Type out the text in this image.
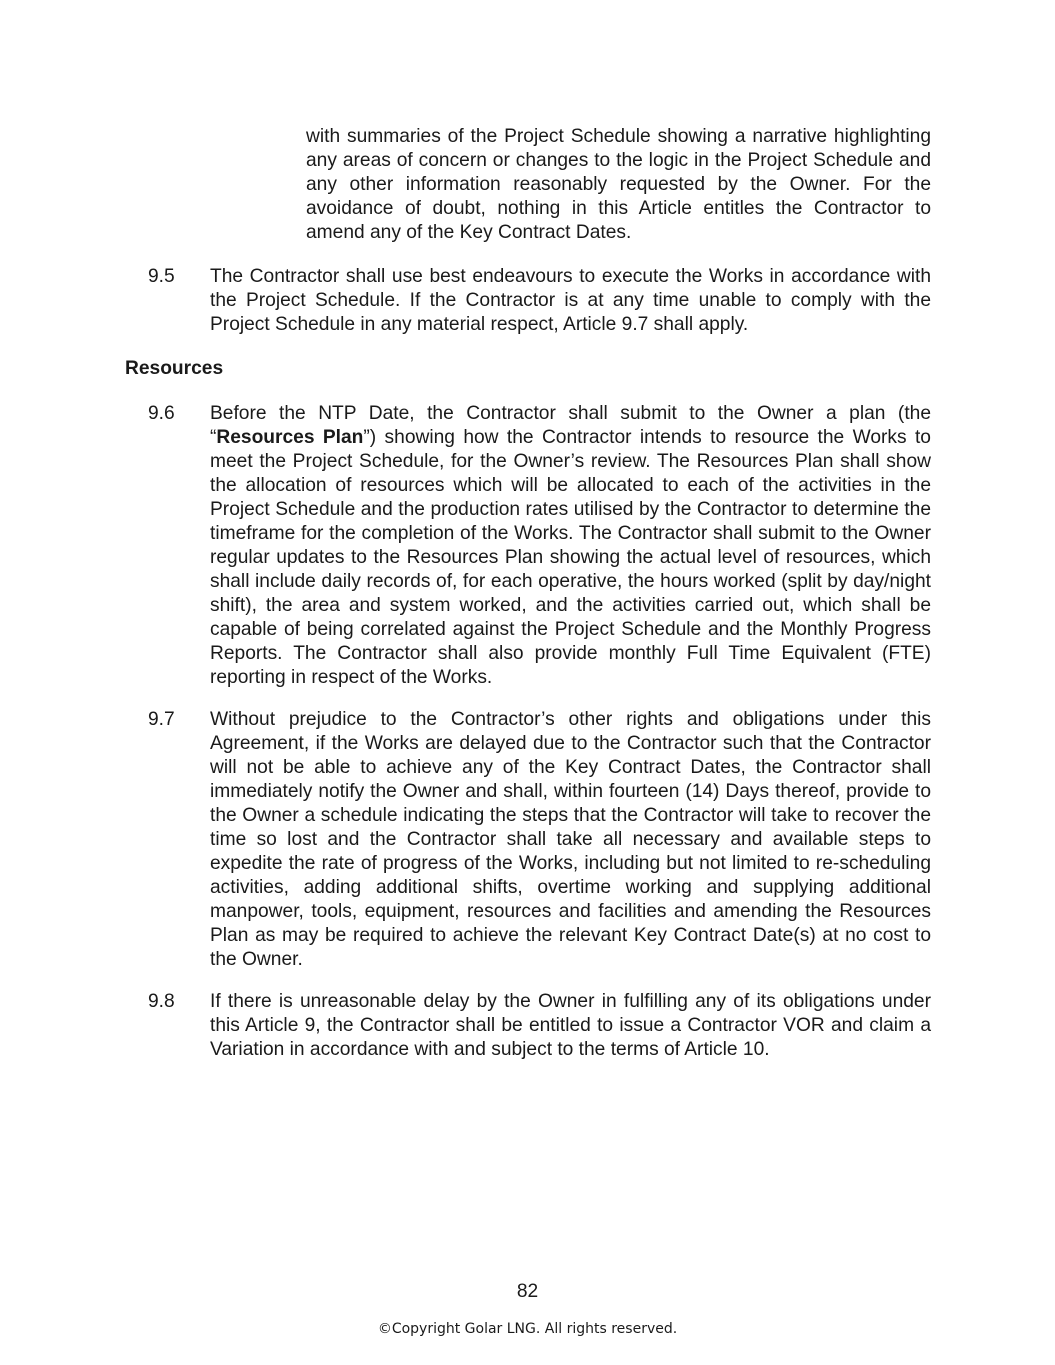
with summaries of the Project Schedule showing a narrative highlighting any areas of concern or changes to the logic in the Project Schedule and any other information reasonably requested by the Owner. For the avoidance of doubt, nothing in this Article entitles the Contractor to amend any of the Key Contract Dates.
9.5	The Contractor shall use best endeavours to execute the Works in accordance with the Project Schedule. If the Contractor is at any time unable to comply with the Project Schedule in any material respect, Article 9.7 shall apply.
Resources
9.6	Before the NTP Date, the Contractor shall submit to the Owner a plan (the “Resources Plan”) showing how the Contractor intends to resource the Works to meet the Project Schedule, for the Owner’s review. The Resources Plan shall show the allocation of resources which will be allocated to each of the activities in the Project Schedule and the production rates utilised by the Contractor to determine the timeframe for the completion of the Works. The Contractor shall submit to the Owner regular updates to the Resources Plan showing the actual level of resources, which shall include daily records of, for each operative, the hours worked (split by day/night shift), the area and system worked, and the activities carried out, which shall be capable of being correlated against the Project Schedule and the Monthly Progress Reports. The Contractor shall also provide monthly Full Time Equivalent (FTE) reporting in respect of the Works.
9.7	Without prejudice to the Contractor’s other rights and obligations under this Agreement, if the Works are delayed due to the Contractor such that the Contractor will not be able to achieve any of the Key Contract Dates, the Contractor shall immediately notify the Owner and shall, within fourteen (14) Days thereof, provide to the Owner a schedule indicating the steps that the Contractor will take to recover the time so lost and the Contractor shall take all necessary and available steps to expedite the rate of progress of the Works, including but not limited to re-scheduling activities, adding additional shifts, overtime working and supplying additional manpower, tools, equipment, resources and facilities and amending the Resources Plan as may be required to achieve the relevant Key Contract Date(s) at no cost to the Owner.
9.8	If there is unreasonable delay by the Owner in fulfilling any of its obligations under this Article 9, the Contractor shall be entitled to issue a Contractor VOR and claim a Variation in accordance with and subject to the terms of Article 10.
82
©Copyright Golar LNG. All rights reserved.
